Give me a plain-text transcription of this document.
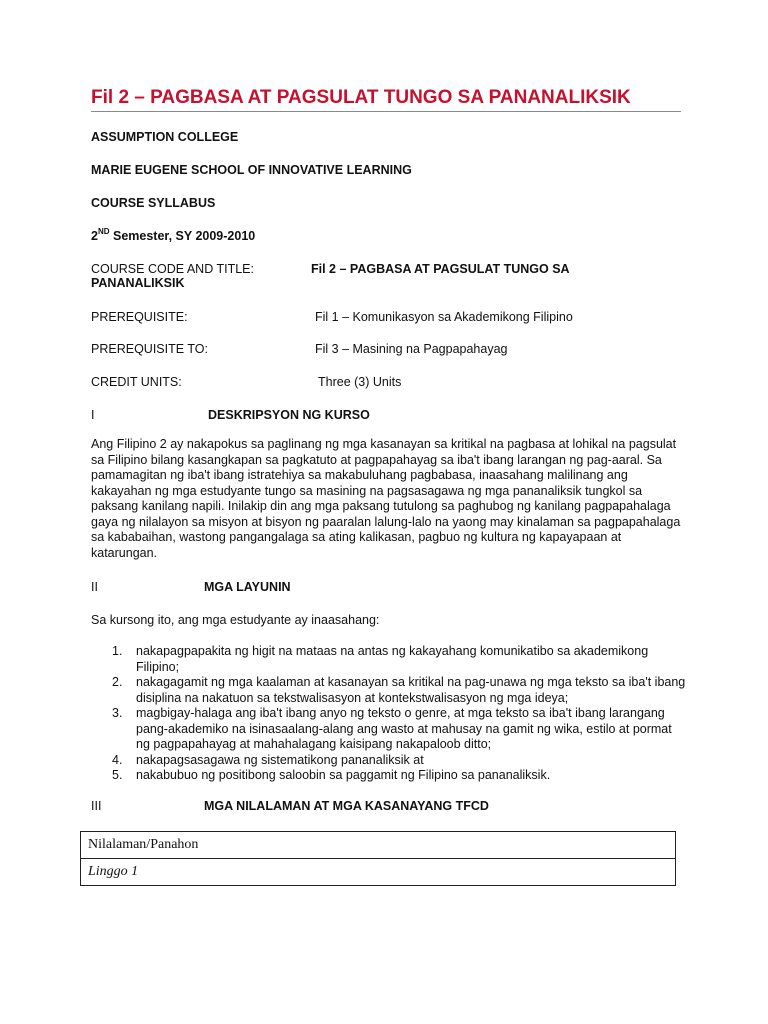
Fil 2 – PAGBASA AT PAGSULAT TUNGO SA PANANALIKSIK
ASSUMPTION COLLEGE
MARIE EUGENE SCHOOL OF INNOVATIVE LEARNING
COURSE SYLLABUS
2ND Semester, SY 2009-2010
COURSE CODE AND TITLE:	Fil 2 – PAGBASA AT PAGSULAT TUNGO SA
PANANALIKSIK
PREREQUISITE:	Fil 1 – Komunikasyon sa Akademikong Filipino
PREREQUISITE TO:	Fil 3 – Masining na Pagpapahayag
CREDIT UNITS:	Three (3) Units
I	DESKRIPSYON NG KURSO
Ang Filipino 2 ay nakapokus sa paglinang ng mga kasanayan sa kritikal na pagbasa at lohikal na pagsulat sa Filipino bilang kasangkapan sa pagkatuto at pagpapahayag sa iba't ibang larangan ng pag-aaral. Sa pamamagitan ng iba't ibang istratehiya sa makabuluhang pagbabasa, inaasahang malilinang ang kakayahan ng mga estudyante tungo sa masining na pagsasagawa ng mga pananaliksik tungkol sa paksang kanilang napili. Inilakip din ang mga paksang tutulong sa paghubog ng kanilang pagpapahalaga gaya ng nilalayon sa misyon at bisyon ng paaralan lalung-lalo na yaong may kinalaman sa pagpapahalaga sa kababaihan, wastong pangangalaga sa ating kalikasan, pagbuo ng kultura ng kapayapaan at katarungan.
II	MGA LAYUNIN
Sa kursong ito, ang mga estudyante ay inaasahang:
1. nakapagpapakita ng higit na mataas na antas ng kakayahang komunikatibo sa akademikong Filipino;
2. nakagagamit ng mga kaalaman at kasanayan sa kritikal na pag-unawa ng mga teksto sa iba't ibang disiplina na nakatuon sa tekstwalisasyon at kontekstwalisasyon ng mga ideya;
3. magbigay-halaga ang iba't ibang anyo ng teksto o genre, at mga teksto sa iba't ibang larangang pang-akademiko na isinasaalang-alang ang wasto at mahusay na gamit ng wika, estilo at pormat ng pagpapahayag at mahahalagang kaisipang nakapaloob ditto;
4. nakapagsasagawa ng sistematikong pananaliksik at
5. nakabubuo ng positibong saloobin sa paggamit ng Filipino sa pananaliksik.
III	MGA NILALAMAN AT MGA KASANAYANG TFCD
Nilalaman/Panahon
Linggo 1
